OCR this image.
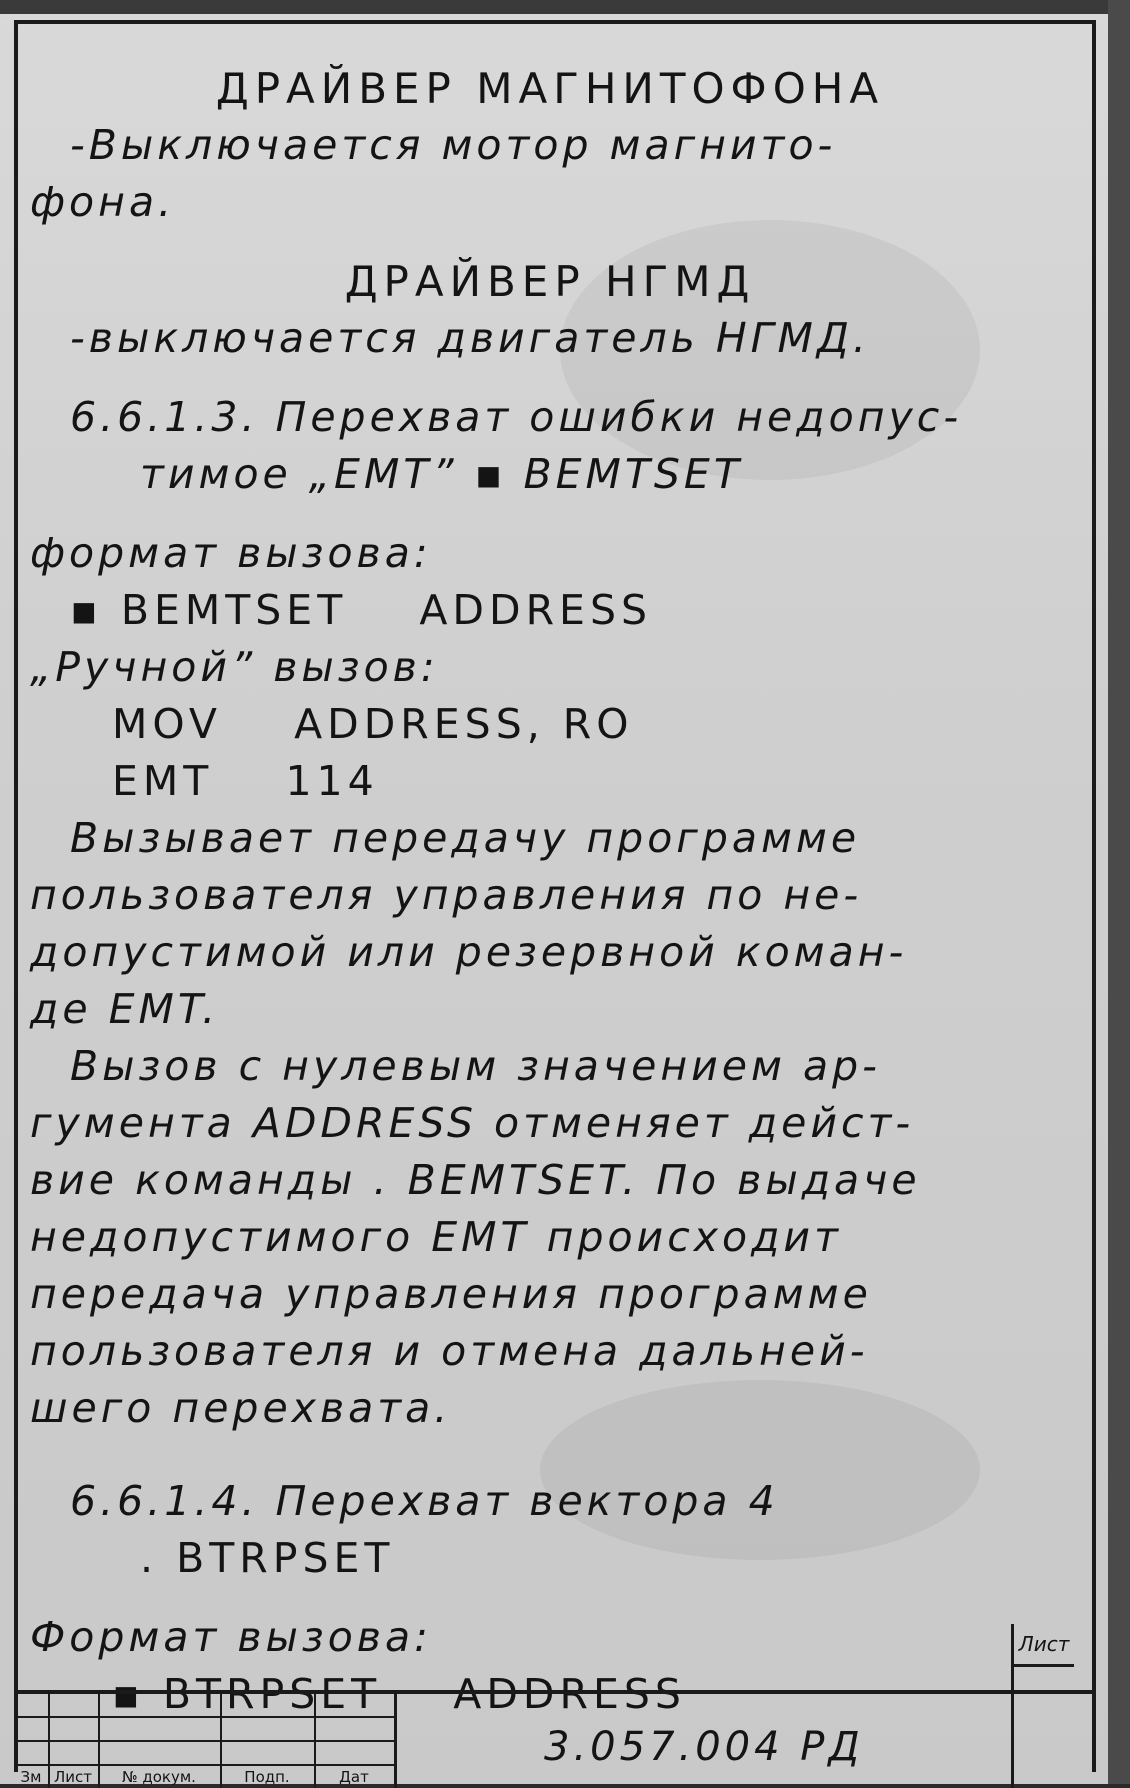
ДРАЙВЕР МАГНИТОФОНА
-Выключается мотор магнито-
фона.
ДРАЙВЕР НГМД
-выключается двигатель НГМД.
6.6.1.3. Перехват ошибки недопус-
тимое „EMT” ▪ BEMTSET
формат вызова:
▪ BEMTSET    ADDRESS
„Ручной” вызов:
MOV    ADDRESS, RO
EMT    114
Вызывает передачу программе
пользователя управления по не-
допустимой или резервной коман-
де EMT.
Вызов с нулевым значением ар-
гумента ADDRESS отменяет дейст-
вие команды . BEMTSET. По выдаче
недопустимого EMT происходит
передача управления программе
пользователя и отмена дальней-
шего перехвата.
6.6.1.4. Перехват вектора 4
. BTRPSET
Формат вызова:
▪ BTRPSET    ADDRESS
Зм Лист	№ докум.	Подп.	Дат
3.057.004 РД
Лист
